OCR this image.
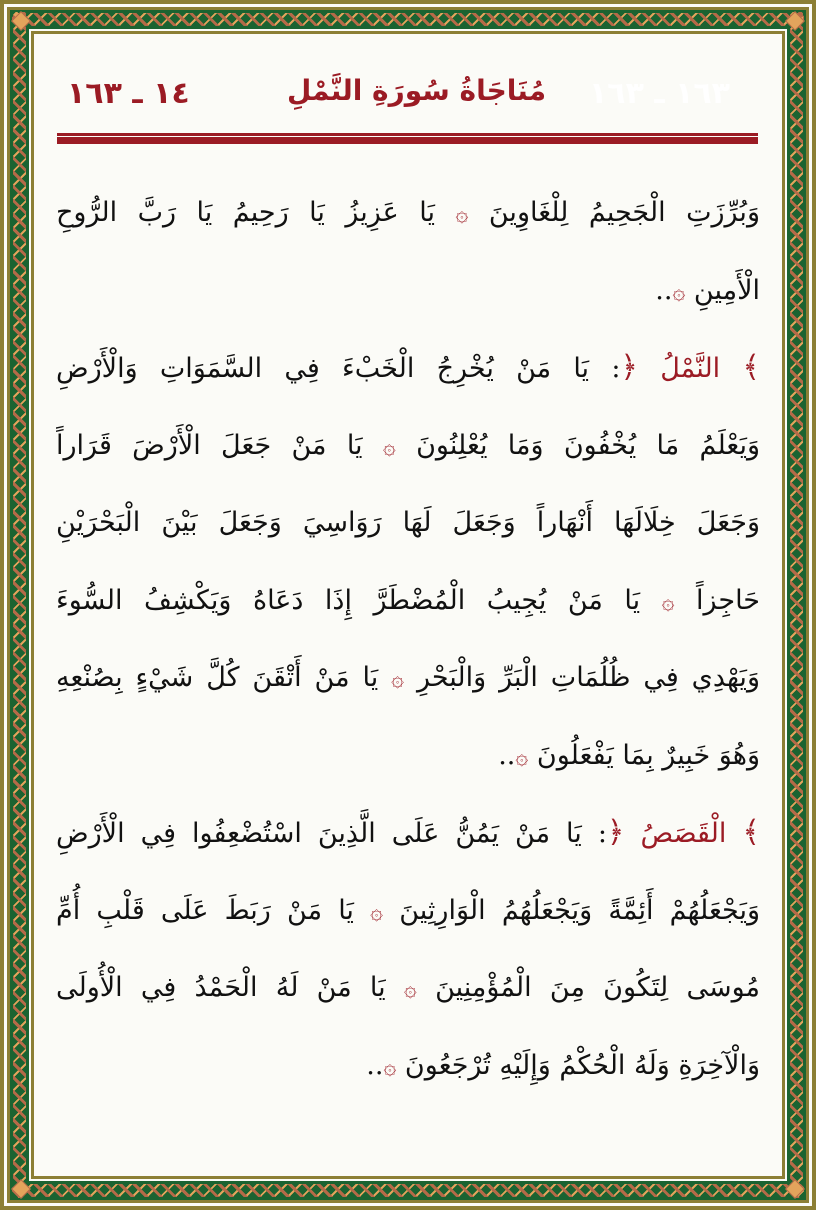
١٤ ـ ١٦٣	مُنَاجَاةُ سُورَةِ النَّمْلِ ١٦٣ ـ ١٦٣
وَبُرِّزَتِ الْجَحِيمُ لِلْغَاوِينَ ۞ يَا عَزِيزُ يَا رَحِيمُ يَا رَبَّ الرُّوحِ
الْأَمِينِ ۞..
﴾ النَّمْلُ ﴿: يَا مَنْ يُخْرِجُ الْخَبْءَ فِي السَّمَوَاتِ وَالْأَرْضِ
وَيَعْلَمُ مَا يُخْفُونَ وَمَا يُعْلِنُونَ ۞ يَا مَنْ جَعَلَ الْأَرْضَ قَرَاراً
وَجَعَلَ خِلَالَهَا أَنْهَاراً وَجَعَلَ لَهَا رَوَاسِيَ وَجَعَلَ بَيْنَ الْبَحْرَيْنِ
حَاجِزاً ۞ يَا مَنْ يُجِيبُ الْمُضْطَرَّ إِذَا دَعَاهُ وَيَكْشِفُ السُّوءَ
وَيَهْدِي فِي ظُلُمَاتِ الْبَرِّ وَالْبَحْرِ ۞ يَا مَنْ أَتْقَنَ كُلَّ شَيْءٍ بِصُنْعِهِ
وَهُوَ خَبِيرٌ بِمَا يَفْعَلُونَ ۞..
﴾ الْقَصَصُ ﴿: يَا مَنْ يَمُنُّ عَلَى الَّذِينَ اسْتُضْعِفُوا فِي الْأَرْضِ
وَيَجْعَلُهُمْ أَئِمَّةً وَيَجْعَلُهُمُ الْوَارِثِينَ ۞ يَا مَنْ رَبَطَ عَلَى قَلْبِ أُمِّ
مُوسَى لِتَكُونَ مِنَ الْمُؤْمِنِينَ ۞ يَا مَنْ لَهُ الْحَمْدُ فِي الْأُولَى
وَالْآخِرَةِ وَلَهُ الْحُكْمُ وَإِلَيْهِ تُرْجَعُونَ ۞..
